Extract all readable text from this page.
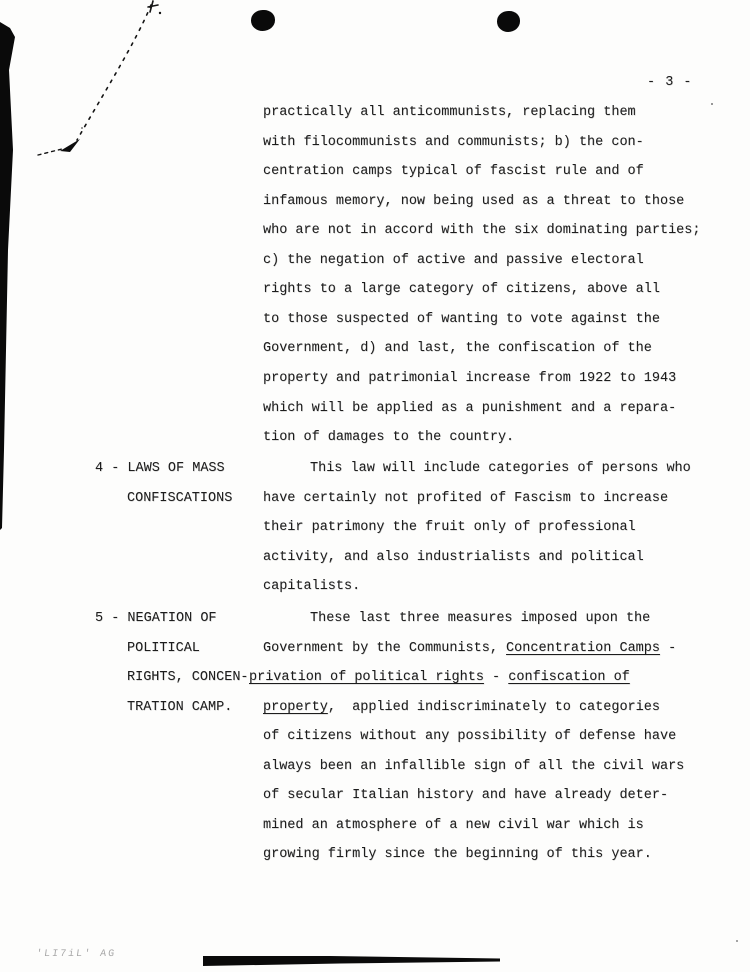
- 3 -
practically all anticommunists, replacing them
with filocommunists and communists; b) the con-
centration camps typical of fascist rule and of
infamous memory, now being used as a threat to those
who are not in accord with the six dominating parties;
c) the negation of active and passive electoral
rights to a large category of citizens, above all
to those suspected of wanting to vote against the
Government, d) and last, the confiscation of the
property and patrimonial increase from 1922 to 1943
which will be applied as a punishment and a repara-
tion of damages to the country.
4 - LAWS OF MASS
CONFISCATIONS
This law will include categories of persons who
have certainly not profited of Fascism to increase
their patrimony the fruit only of professional
activity, and also industrialists and political
capitalists.
5 - NEGATION OF
POLITICAL
RIGHTS, CONCEN-
TRATION CAMP.
These last three measures imposed upon the
Government by the Communists, Concentration Camps -
privation of political rights - confiscation of
property,  applied indiscriminately to categories
of citizens without any possibility of defense have
always been an infallible sign of all the civil wars
of secular Italian history and have already deter-
mined an atmosphere of a new civil war which is
growing firmly since the beginning of this year.
'LI7iL' AG
